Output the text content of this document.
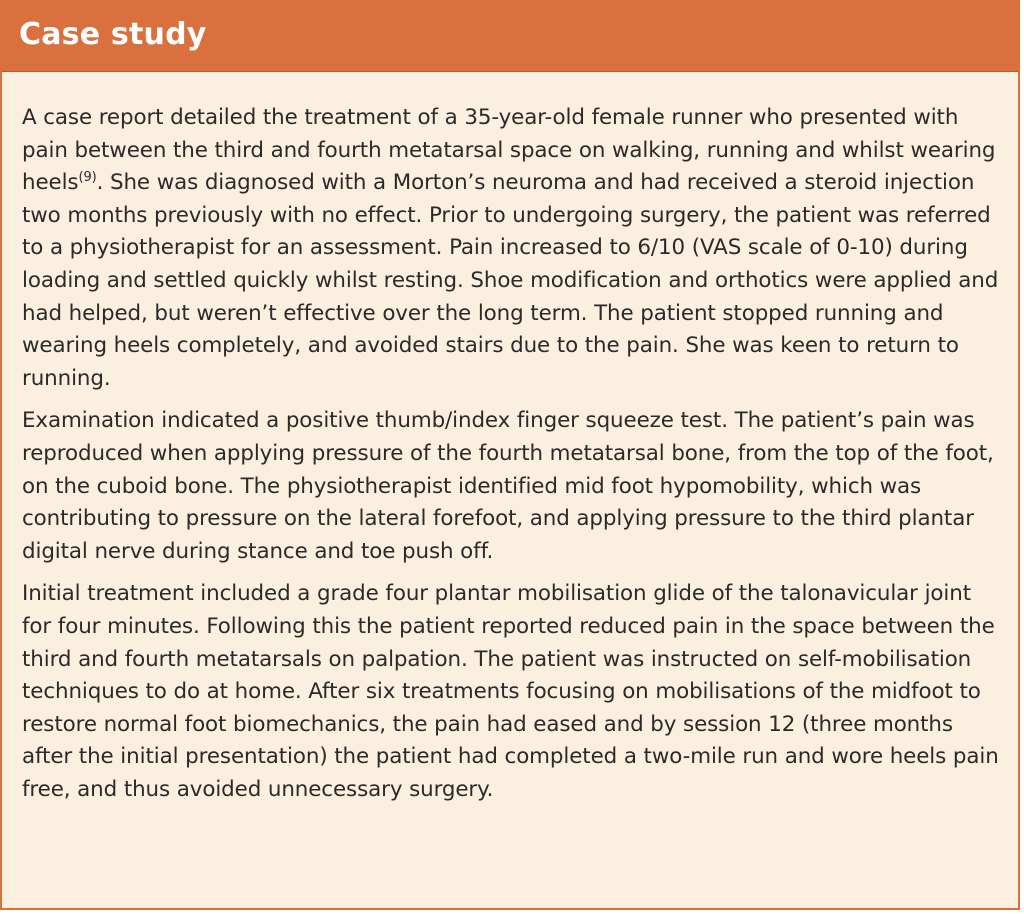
Case study

A case report detailed the treatment of a 35-year-old female runner who presented with pain between the third and fourth metatarsal space on walking, running and whilst wearing heels$^{(9)}$. She was diagnosed with a Morton’s neuroma and had received a steroid injection two months previously with no effect. Prior to undergoing surgery, the patient was referred to a physiotherapist for an assessment. Pain increased to 6/10 (VAS scale of 0-10) during loading and settled quickly whilst resting. Shoe modification and orthotics were applied and had helped, but weren’t effective over the long term. The patient stopped running and wearing heels completely, and avoided stairs due to the pain. She was keen to return to running.

Examination indicated a positive thumb/index finger squeeze test. The patient’s pain was reproduced when applying pressure of the fourth metatarsal bone, from the top of the foot, on the cuboid bone. The physiotherapist identified mid foot hypomobility, which was contributing to pressure on the lateral forefoot, and applying pressure to the third plantar digital nerve during stance and toe push off.

Initial treatment included a grade four plantar mobilisation glide of the talonavicular joint for four minutes. Following this the patient reported reduced pain in the space between the third and fourth metatarsals on palpation. The patient was instructed on self-mobilisation techniques to do at home. After six treatments focusing on mobilisations of the midfoot to restore normal foot biomechanics, the pain had eased and by session 12 (three months after the initial presentation) the patient had completed a two-mile run and wore heels pain free, and thus avoided unnecessary surgery.
